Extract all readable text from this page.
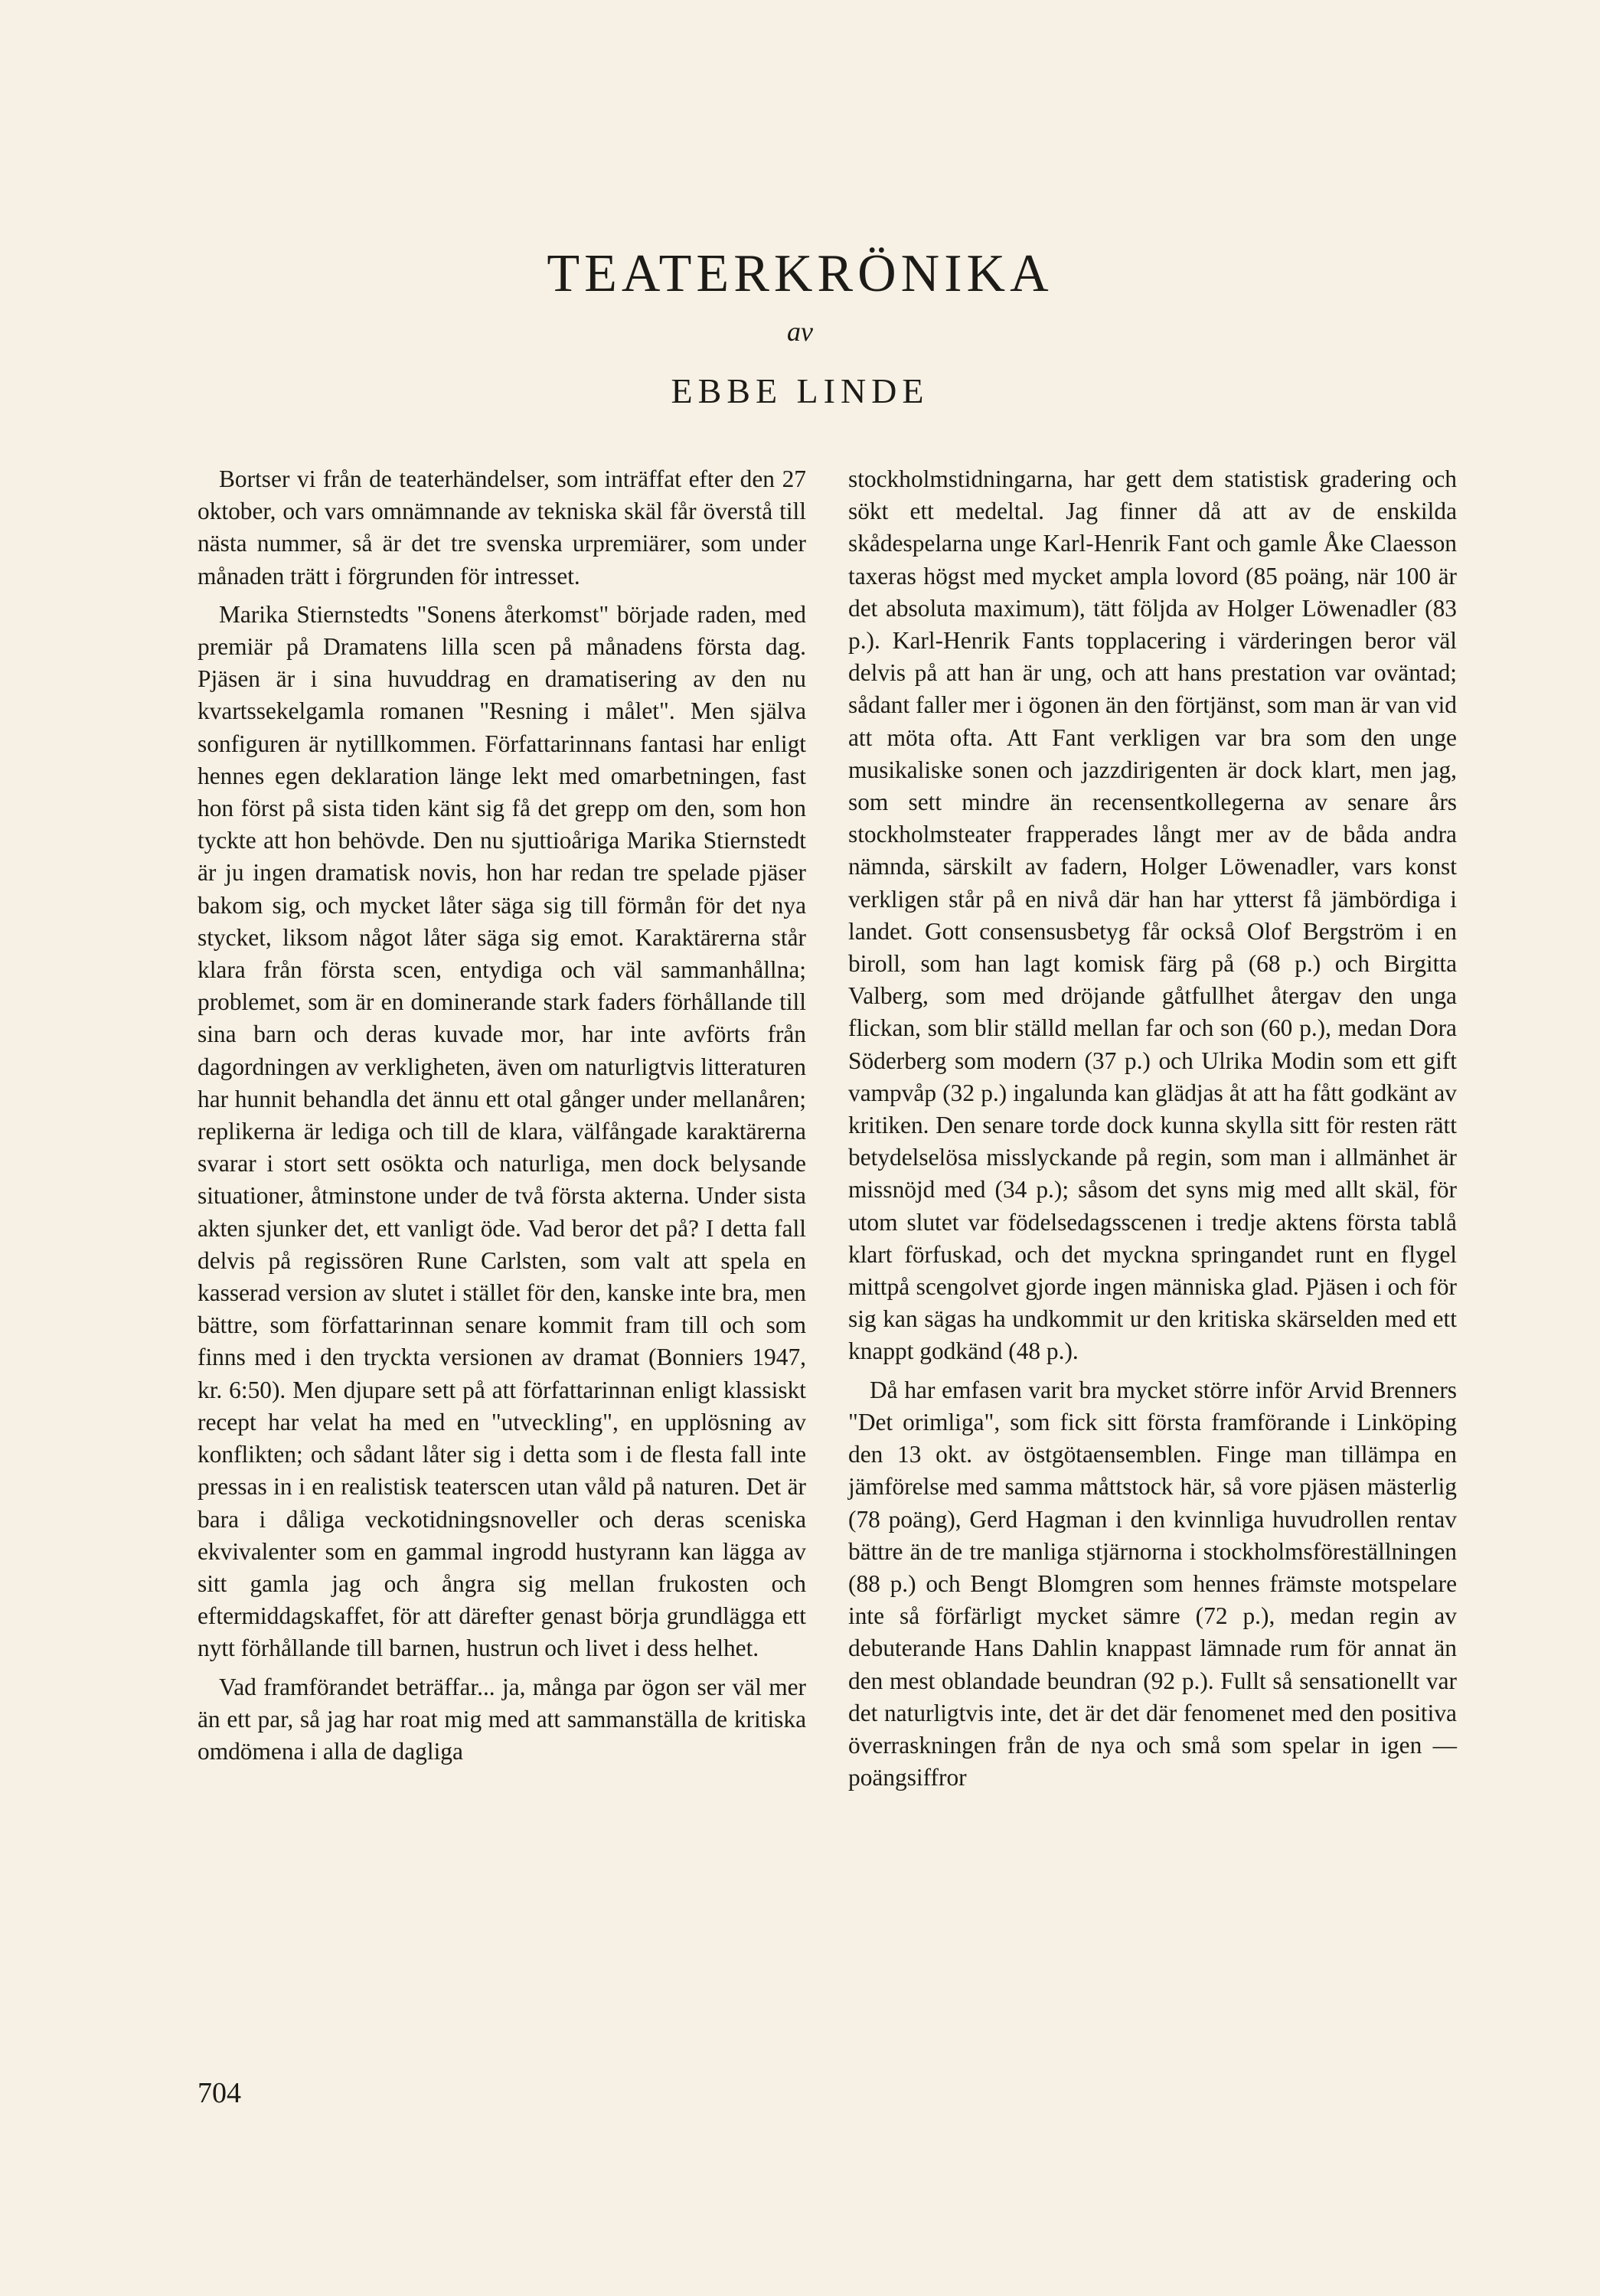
TEATERKRÖNIKA
av
EBBE LINDE

Bortser vi från de teaterhändelser, som inträffat efter den 27 oktober, och vars omnämnande av tekniska skäl får överstå till nästa nummer, så är det tre svenska urpremiärer, som under månaden trätt i förgrunden för intresset.

Marika Stiernstedts "Sonens återkomst" började raden, med premiär på Dramatens lilla scen på månadens första dag. Pjäsen är i sina huvuddrag en dramatisering av den nu kvartssekelgamla romanen "Resning i målet". Men själva sonfiguren är nytillkommen. Författarinnans fantasi har enligt hennes egen deklaration länge lekt med omarbetningen, fast hon först på sista tiden känt sig få det grepp om den, som hon tyckte att hon behövde. Den nu sjuttioåriga Marika Stiernstedt är ju ingen dramatisk novis, hon har redan tre spelade pjäser bakom sig, och mycket låter säga sig till förmån för det nya stycket, liksom något låter säga sig emot. Karaktärerna står klara från första scen, entydiga och väl sammanhållna; problemet, som är en dominerande stark faders förhållande till sina barn och deras kuvade mor, har inte avförts från dagordningen av verkligheten, även om naturligtvis litteraturen har hunnit behandla det ännu ett otal gånger under mellanåren; replikerna är lediga och till de klara, välfångade karaktärerna svarar i stort sett osökta och naturliga, men dock belysande situationer, åtminstone under de två första akterna. Under sista akten sjunker det, ett vanligt öde. Vad beror det på? I detta fall delvis på regissören Rune Carlsten, som valt att spela en kasserad version av slutet i stället för den, kanske inte bra, men bättre, som författarinnan senare kommit fram till och som finns med i den tryckta versionen av dramat (Bonniers 1947, kr. 6:50). Men djupare sett på att författarinnan enligt klassiskt recept har velat ha med en "utveckling", en upplösning av konflikten; och sådant låter sig i detta som i de flesta fall inte pressas in i en realistisk teaterscen utan våld på naturen. Det är bara i dåliga veckotidningsnoveller och deras sceniska ekvivalenter som en gammal ingrodd hustyrann kan lägga av sitt gamla jag och ångra sig mellan frukosten och eftermiddagskaffet, för att därefter genast börja grundlägga ett nytt förhållande till barnen, hustrun och livet i dess helhet.

Vad framförandet beträffar... ja, många par ögon ser väl mer än ett par, så jag har roat mig med att sammanställa de kritiska omdömena i alla de dagliga

stockholmstidningarna, har gett dem statistisk gradering och sökt ett medeltal. Jag finner då att av de enskilda skådespelarna unge Karl-Henrik Fant och gamle Åke Claesson taxeras högst med mycket ampla lovord (85 poäng, när 100 är det absoluta maximum), tätt följda av Holger Löwenadler (83 p.). Karl-Henrik Fants topplacering i värderingen beror väl delvis på att han är ung, och att hans prestation var oväntad; sådant faller mer i ögonen än den förtjänst, som man är van vid att möta ofta. Att Fant verkligen var bra som den unge musikaliske sonen och jazzdirigenten är dock klart, men jag, som sett mindre än recensentkollegerna av senare års stockholmsteater frapperades långt mer av de båda andra nämnda, särskilt av fadern, Holger Löwenadler, vars konst verkligen står på en nivå där han har ytterst få jämbördiga i landet. Gott consensusbetyg får också Olof Bergström i en biroll, som han lagt komisk färg på (68 p.) och Birgitta Valberg, som med dröjande gåtfullhet återgav den unga flickan, som blir ställd mellan far och son (60 p.), medan Dora Söderberg som modern (37 p.) och Ulrika Modin som ett gift vampvåp (32 p.) ingalunda kan glädjas åt att ha fått godkänt av kritiken. Den senare torde dock kunna skylla sitt för resten rätt betydelselösa misslyckande på regin, som man i allmänhet är missnöjd med (34 p.); såsom det syns mig med allt skäl, för utom slutet var födelsedagsscenen i tredje aktens första tablå klart förfuskad, och det myckna springandet runt en flygel mittpå scengolvet gjorde ingen människa glad. Pjäsen i och för sig kan sägas ha undkommit ur den kritiska skärselden med ett knappt godkänd (48 p.).

Då har emfasen varit bra mycket större inför Arvid Brenners "Det orimliga", som fick sitt första framförande i Linköping den 13 okt. av östgötaensemblen. Finge man tillämpa en jämförelse med samma måttstock här, så vore pjäsen mästerlig (78 poäng), Gerd Hagman i den kvinnliga huvudrollen rentav bättre än de tre manliga stjärnorna i stockholmsföreställningen (88 p.) och Bengt Blomgren som hennes främste motspelare inte så förfärligt mycket sämre (72 p.), medan regin av debuterande Hans Dahlin knappast lämnade rum för annat än den mest oblandade beundran (92 p.). Fullt så sensationellt var det naturligtvis inte, det är det där fenomenet med den positiva överraskningen från de nya och små som spelar in igen — poängsiffror

704
